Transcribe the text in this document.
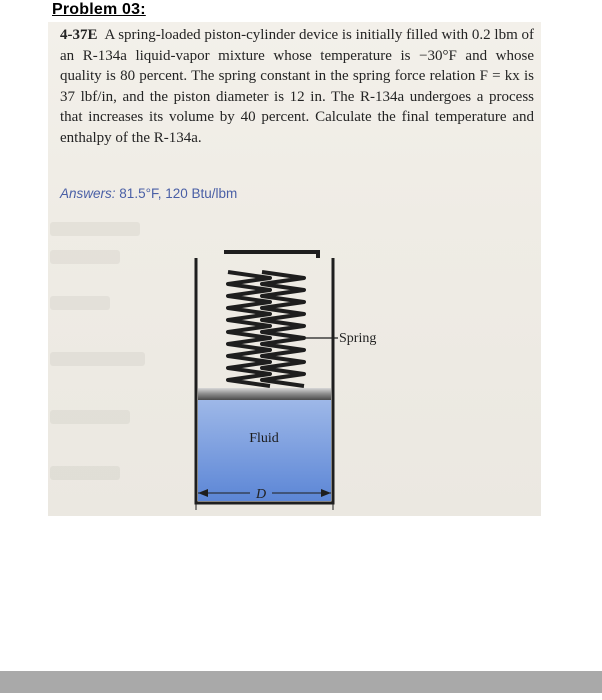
Problem 03:
4-37E A spring-loaded piston-cylinder device is initially filled with 0.2 lbm of an R-134a liquid-vapor mixture whose temperature is −30°F and whose quality is 80 percent. The spring constant in the spring force relation F = kx is 37 lbf/in, and the piston diameter is 12 in. The R-134a undergoes a process that increases its volume by 40 percent. Calculate the final temperature and enthalpy of the R-134a.
Answers: 81.5°F, 120 Btu/lbm
Spring
Fluid
D
